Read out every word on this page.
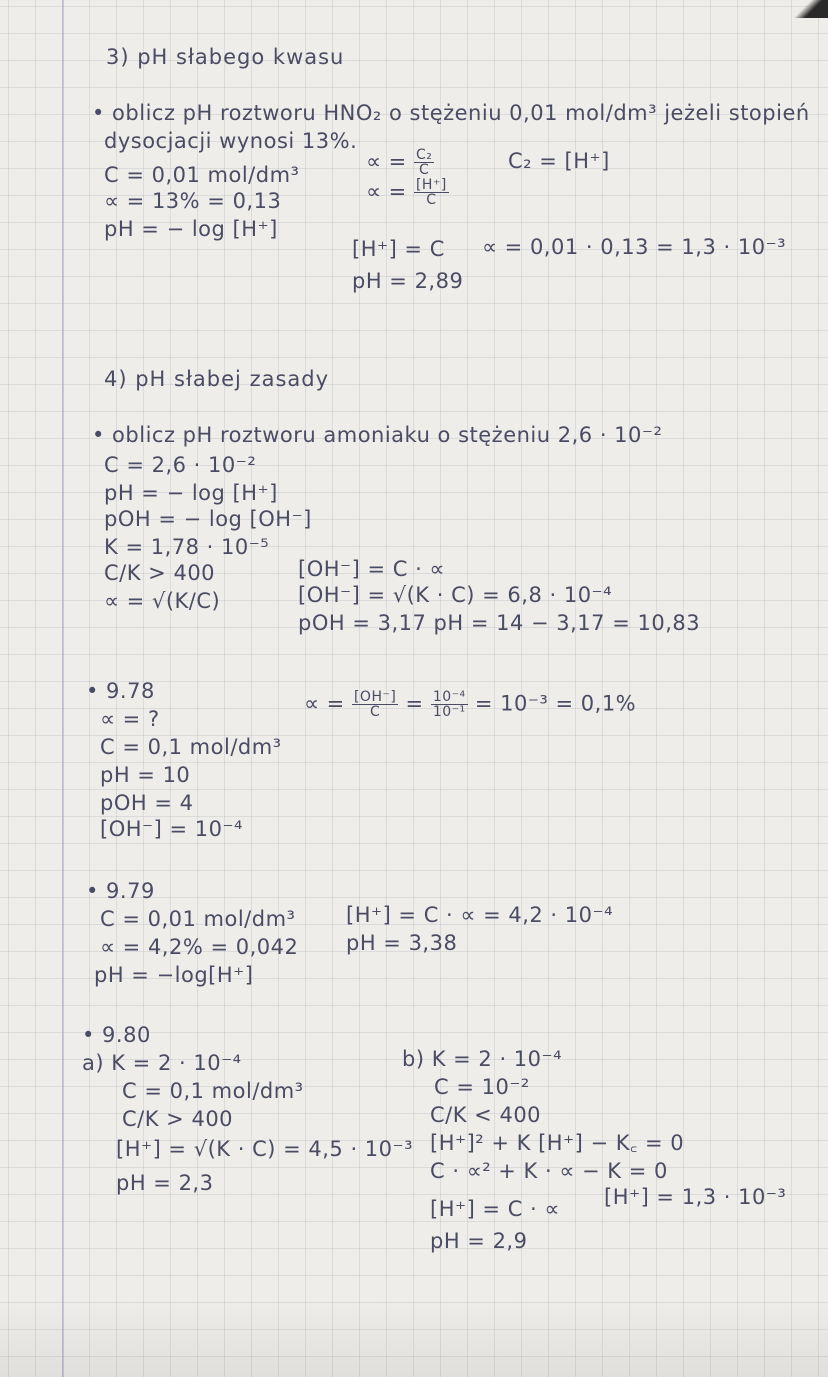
3) pH słabego kwasu
• oblicz pH roztworu HNO₂ o stężeniu 0,01 mol/dm³ jeżeli stopień
dysocjacji wynosi 13%.
C = 0,01 mol/dm³
∝ = 13% = 0,13
pH = − log [H⁺]
∝ = $\frac{\text{C₂}}{C}$
∝ = $\frac{[H^+]}{C}$
C₂ = [H⁺]
[H⁺] = C ∝ = 0,01 · 0,13 = 1,3 · 10⁻³
pH = 2,89
4) pH słabej zasady
• oblicz pH roztworu amoniaku o stężeniu 2,6 · 10⁻²
C = 2,6 · 10⁻²
pH = − log [H⁺]
pOH = − log [OH⁻]
K = 1,78 · 10⁻⁵
C/K > 400
∝ = √(K/C)
[OH⁻] = C · ∝
[OH⁻] = √(K · C) = 6,8 · 10⁻⁴
pOH = 3,17 pH = 14 − 3,17 = 10,83
• 9.78
∝ = ?
C = 0,1 mol/dm³
pH = 10
pOH = 4
[OH⁻] = 10⁻⁴
∝ = $\frac{[OH^-]}{C} = \frac{\text{10⁻⁴}}{\text{10⁻¹}} = 10^{-3} = 0,1\%$
• 9.79
C = 0,01 mol/dm³
∝ = 4,2% = 0,042
pH = −log[H⁺]
[H⁺] = C · ∝ = 4,2 · 10⁻⁴
pH = 3,38
• 9.80
a) K = 2 · 10⁻⁴
C = 0,1 mol/dm³
C/K > 400
[H⁺] = √(K · C) = 4,5 · 10⁻³
pH = 2,3
b) K = 2 · 10⁻⁴
C = 10⁻²
C/K < 400
[H⁺]² + K [H⁺] − K꜀ = 0
C · ∝² + K · ∝ − K = 0
[H⁺] = C · ∝ [H⁺] = 1,3 · 10⁻³
pH = 2,9
